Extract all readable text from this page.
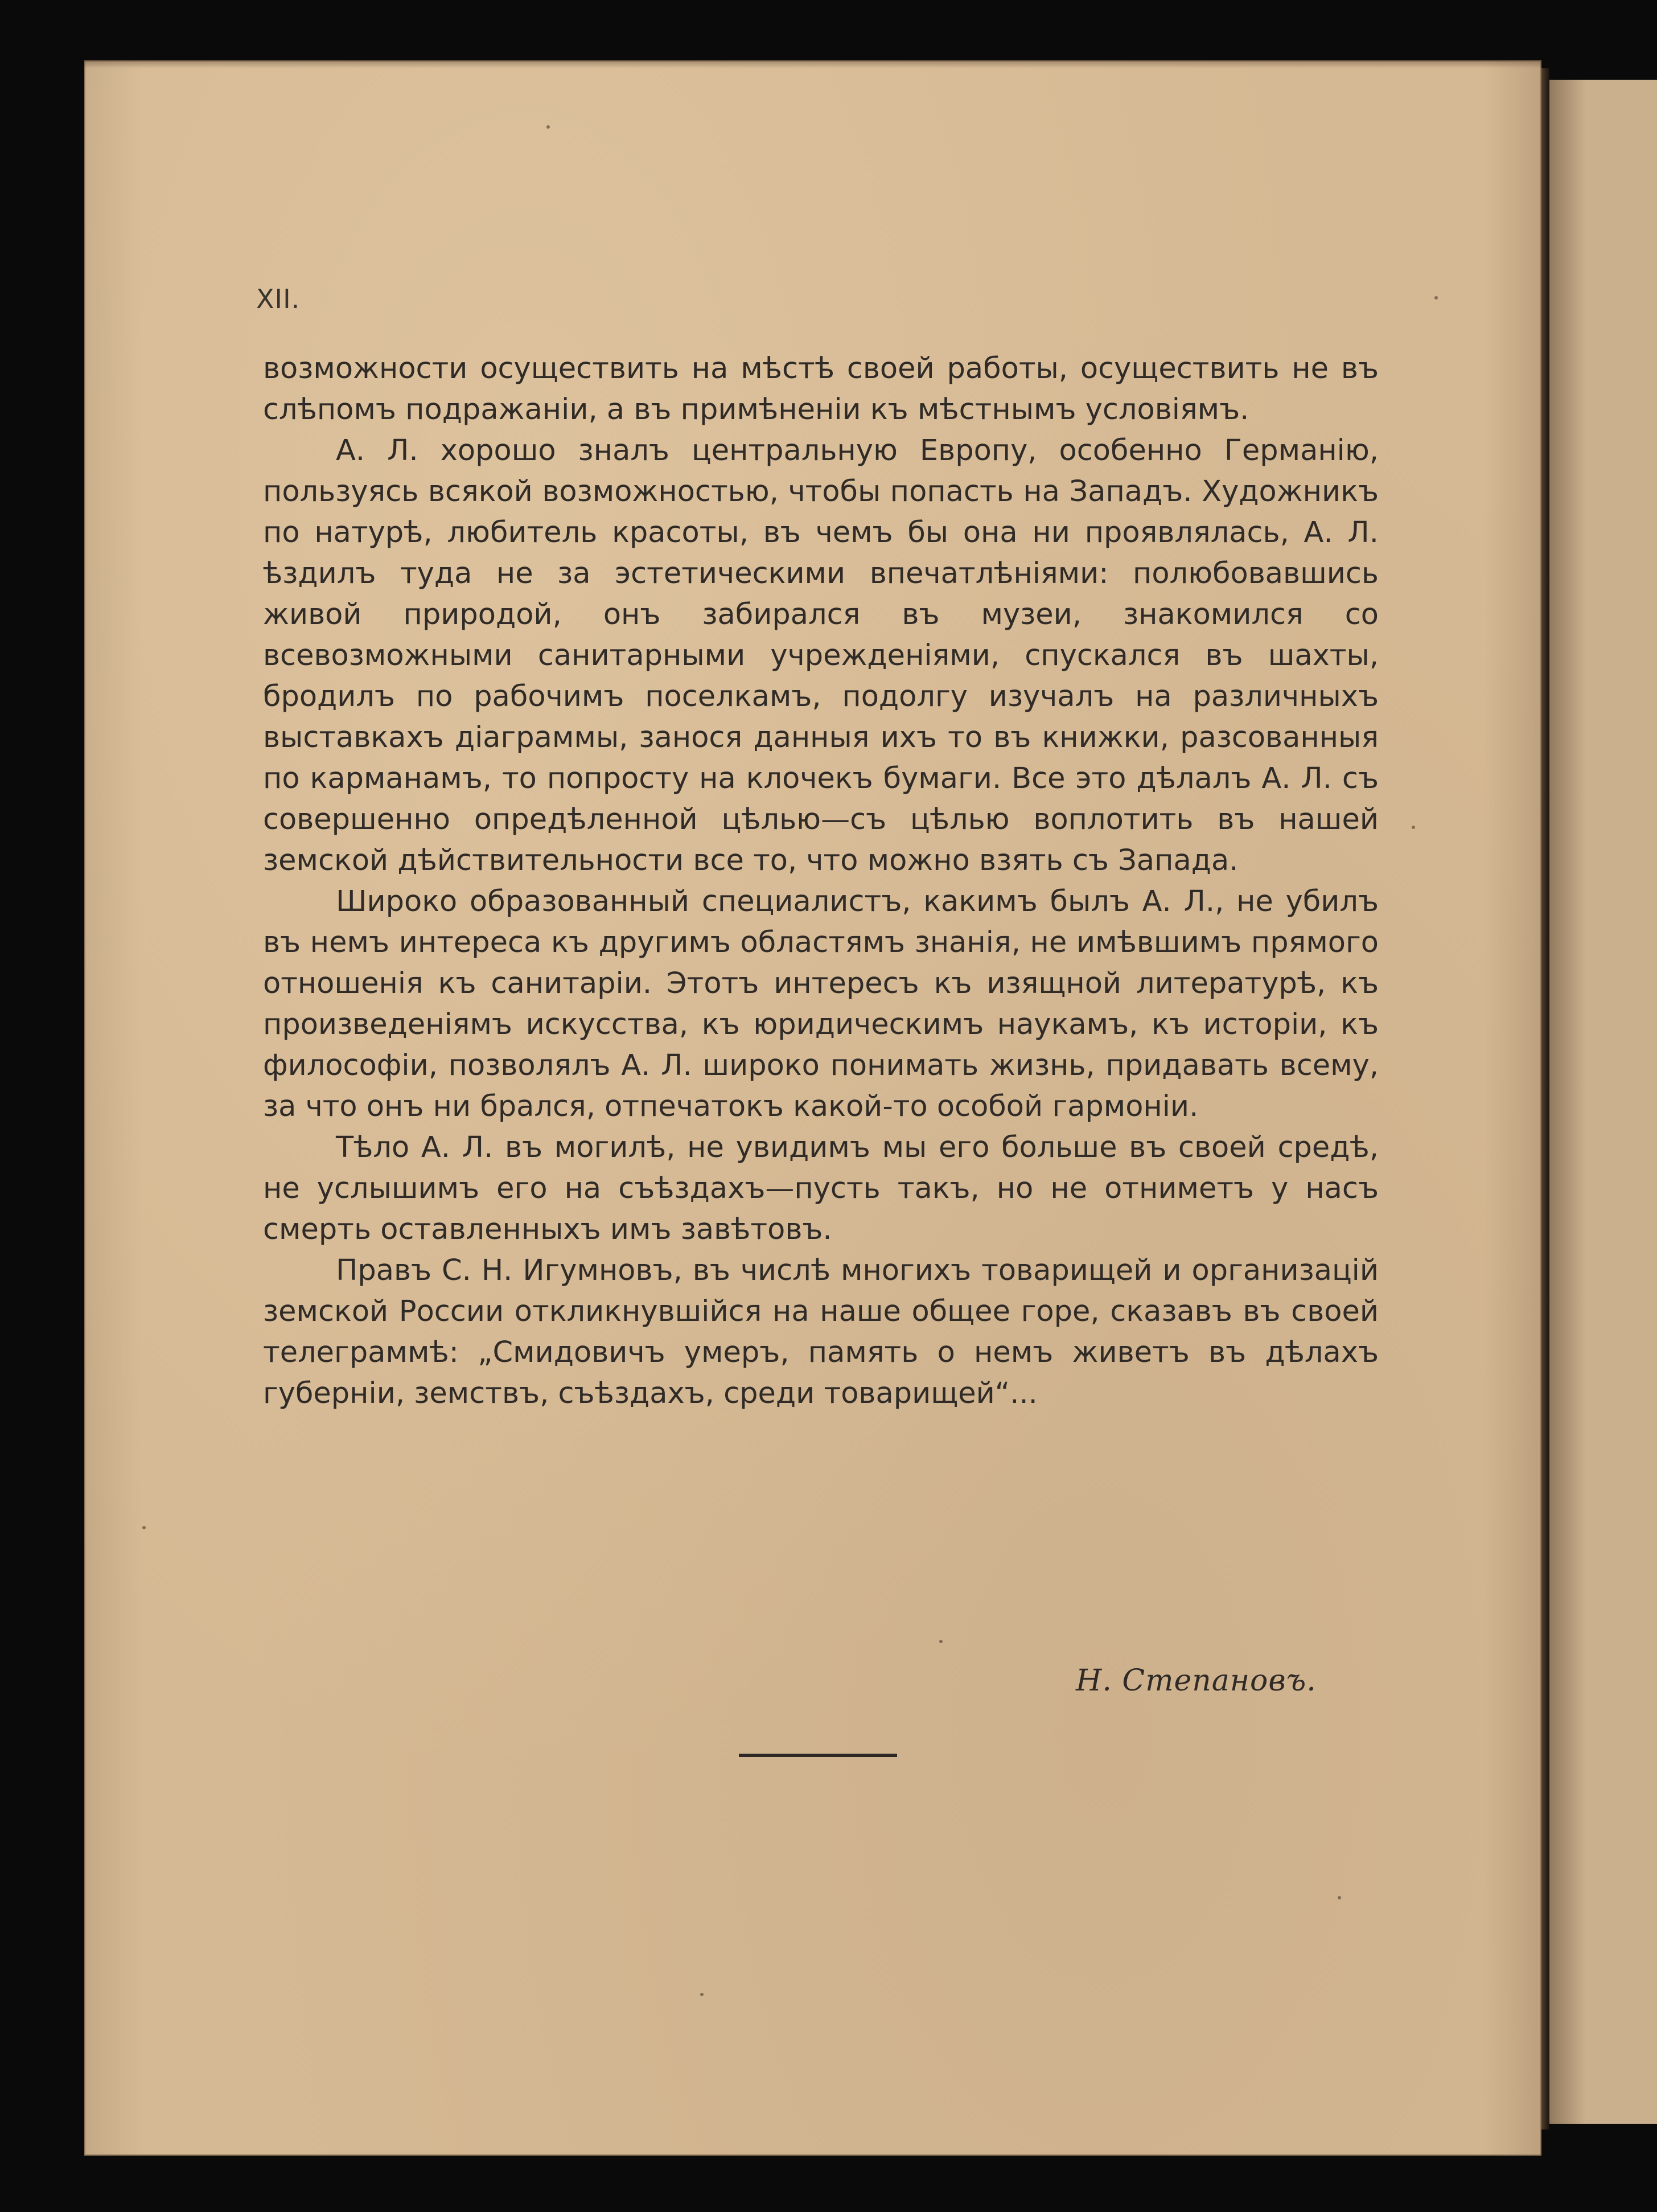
XII.

возможности осуществить на мѣстѣ своей работы, осуществить не въ слѣпомъ подражаніи, а въ примѣненіи къ мѣстнымъ условіямъ.

А. Л. хорошо зналъ центральную Европу, особенно Германію, пользуясь всякой возможностью, чтобы попасть на Западъ. Художникъ по натурѣ, любитель красоты, въ чемъ бы она ни проявлялась, А. Л. ѣздилъ туда не за эстетическими впечатлѣніями: полюбовавшись живой природой, онъ забирался въ музеи, знакомился со всевозможными санитарными учрежденіями, спускался въ шахты, бродилъ по рабочимъ поселкамъ, подолгу изучалъ на различныхъ выставкахъ діаграммы, занося данныя ихъ то въ книжки, разсованныя по карманамъ, то попросту на клочекъ бумаги. Все это дѣлалъ А. Л. съ совершенно опредѣленной цѣлью—съ цѣлью воплотить въ нашей земской дѣйствительности все то, что можно взять съ Запада.

Широко образованный специалистъ, какимъ былъ А. Л., не убилъ въ немъ интереса къ другимъ областямъ знанія, не имѣвшимъ прямого отношенія къ санитаріи. Этотъ интересъ къ изящной литературѣ, къ произведеніямъ искусства, къ юридическимъ наукамъ, къ исторіи, къ философіи, позволялъ А. Л. широко понимать жизнь, придавать всему, за что онъ ни брался, отпечатокъ какой-то особой гармоніи.

Тѣло А. Л. въ могилѣ, не увидимъ мы его больше въ своей средѣ, не услышимъ его на съѣздахъ—пусть такъ, но не отниметъ у насъ смерть оставленныхъ имъ завѣтовъ.

Правъ С. Н. Игумновъ, въ числѣ многихъ товарищей и организацій земской России откликнувшійся на наше общее горе, сказавъ въ своей телеграммѣ: „Смидовичъ умеръ, память о немъ живетъ въ дѣлахъ губерніи, земствъ, съѣздахъ, среди товарищей“...

Н. Степановъ.
